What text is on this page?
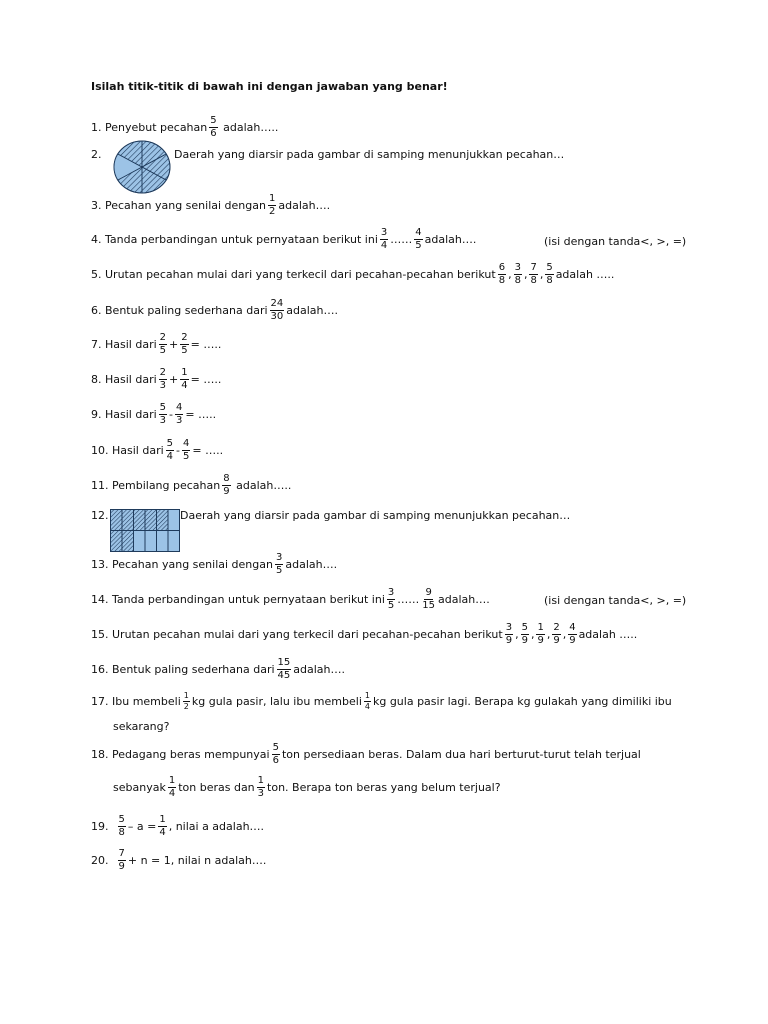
Isilah titik-titik di bawah ini dengan jawaban yang benar!
1.
Penyebut pecahan $\frac{5}{6}$
adalah…..
2.	Daerah yang diarsir pada gambar di samping menunjukkan pecahan…
3.
Pecahan yang senilai dengan $\frac{1}{2}$ adalah….
4.
Tanda perbandingan untuk pernyataan berikut ini $\frac{3}{4}$ …… $\frac{4}{5}$ adalah….	(isi dengan tanda<, >, =)
5.
Urutan pecahan mulai dari yang terkecil dari pecahan-pecahan berikut $\frac{6}{8}$ , $\frac{3}{8}$ , $\frac{7}{8}$ , $\frac{5}{8}$ adalah …..
6.
Bentuk paling sederhana dari $\frac{24}{30}$ adalah….
7.
Hasil dari $\frac{2}{5} + \frac{2}{5}$ = …..
8.
Hasil dari $\frac{2}{3} + \frac{1}{4}$ = …..
9.
Hasil dari $\frac{5}{3} - \frac{4}{3}$ = …..
10.
Hasil dari $\frac{5}{4} - \frac{4}{5}$ = …..
11.
Pembilang pecahan $\frac{8}{9}$
adalah…..
12.	Daerah yang diarsir pada gambar di samping menunjukkan pecahan…
13.
Pecahan yang senilai dengan $\frac{3}{5}$ adalah….
14.
Tanda perbandingan untuk pernyataan berikut ini $\frac{3}{5}$ …… $\frac{9}{15}$ adalah….	(isi dengan tanda<, >, =)
15.
Urutan pecahan mulai dari yang terkecil dari pecahan-pecahan berikut $\frac{3}{9}$ , $\frac{5}{9}$ , $\frac{1}{9}$ , $\frac{2}{9}$ , $\frac{4}{9}$ adalah …..
16.
Bentuk paling sederhana dari $\frac{15}{45}$ adalah….
17.
Ibu membeli $\frac{1}{2}$ kg gula pasir, lalu ibu membeli $\frac{1}{4}$ kg gula pasir lagi. Berapa kg gulakah yang dimiliki ibu
sekarang?
18.
Pedagang beras mempunyai $\frac{5}{6}$ ton persediaan beras. Dalam dua hari berturut-turut telah terjual
sebanyak $\frac{1}{4}$ ton beras dan $\frac{1}{3}$ ton. Berapa ton beras yang belum terjual?
19.
$\frac{5}{8} - a = \frac{1}{4}$ , nilai a adalah….
20.
$\frac{7}{9} + n = 1$, nilai n adalah….
